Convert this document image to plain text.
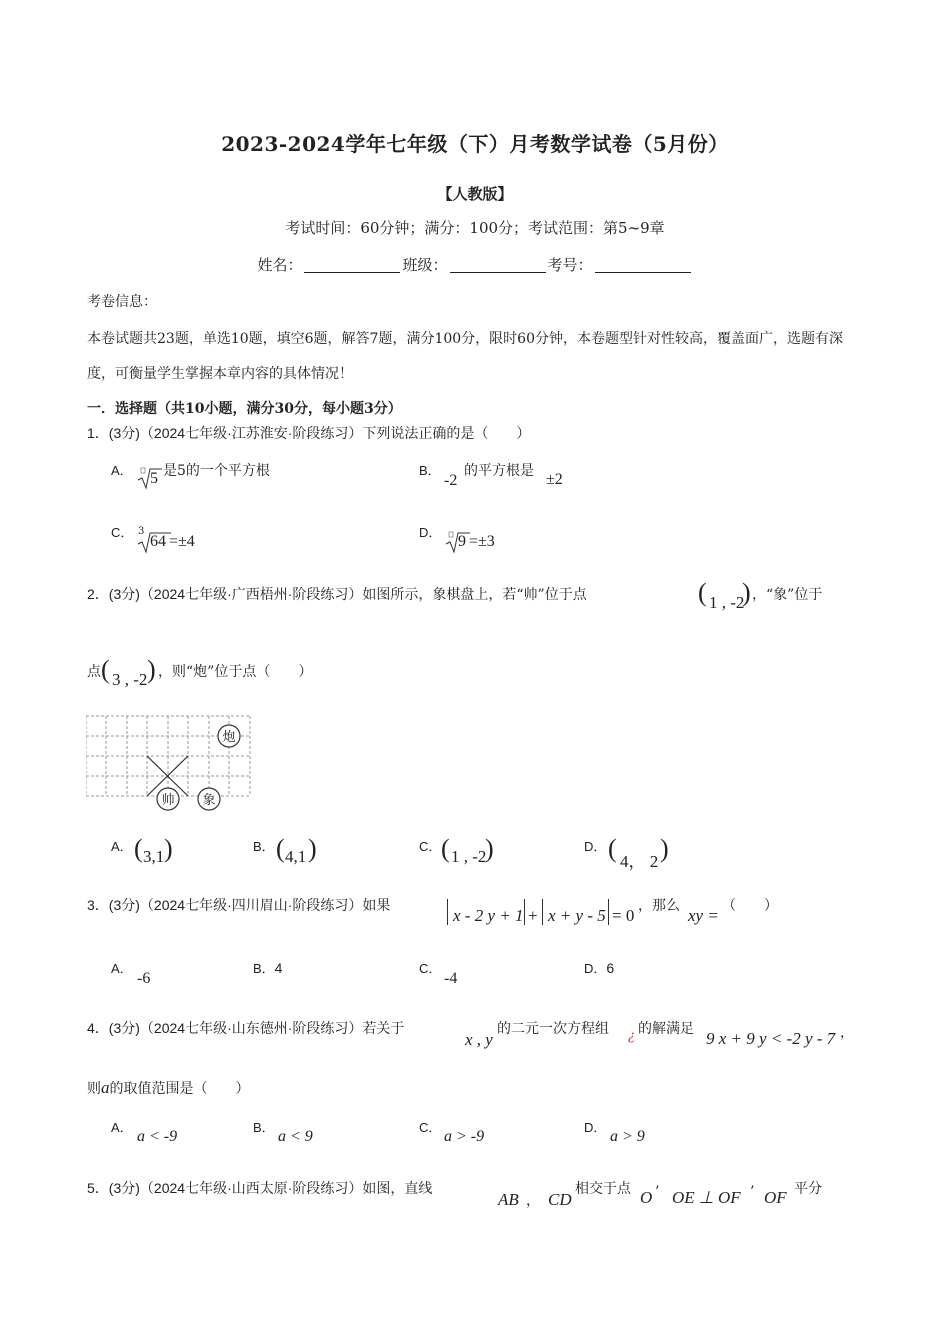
2023-2024学年七年级（下）月考数学试卷（5月份）
【人教版】
考试时间：60分钟；满分：100分；考试范围：第5~9章
姓名：	班级：	考号：
考卷信息：
本卷试题共23题，单选10题，填空6题，解答7题，满分100分，限时60分钟，本卷题型针对性较高，覆盖面广，选题有深度，可衡量学生掌握本章内容的具体情况！
一．选择题（共10小题，满分30分，每小题3分）
1．(3分)（2024七年级·江苏淮安·阶段练习）下列说法正确的是（　　）
A． 5 是5的一个平方根	B．
-2
的平方根是 ±2
C． 3
64 =±4
D．
9 =±3
2．(3分)（2024七年级·广西梧州·阶段练习）如图所示，象棋盘上，若“帅”位于点	( 1 , -2
) ，“象”位于
点 ( 3 , -2 ) ，则“炮”位于点（　　）
炮
帅 象
A． ( 3,1 )	B． ( 4,1 )	C． ( 1 , -2
)	D． ( 4， 2 )
3．(3分)（2024七年级·四川眉山·阶段练习）如果	x - 2 y + 1 + x + y - 5 = 0 ，那么 xy = （　　）
A．
-6
B．4	C．
-4
D．6
4．(3分)（2024七年级·山东德州·阶段练习）若关于
x , y
的二元一次方程组 ¿ 的解满足 9 x + 9 y < -2 y - 7 ，
则a的取值范围是（　　）
A．
a < -9
B．
a < 9
C．
a > -9
D．
a > 9
5．(3分)（2024七年级·山西太原·阶段练习）如图，直线
AB ， CD
相交于点 O ’ OE ⊥ OF ’ OF 平分
